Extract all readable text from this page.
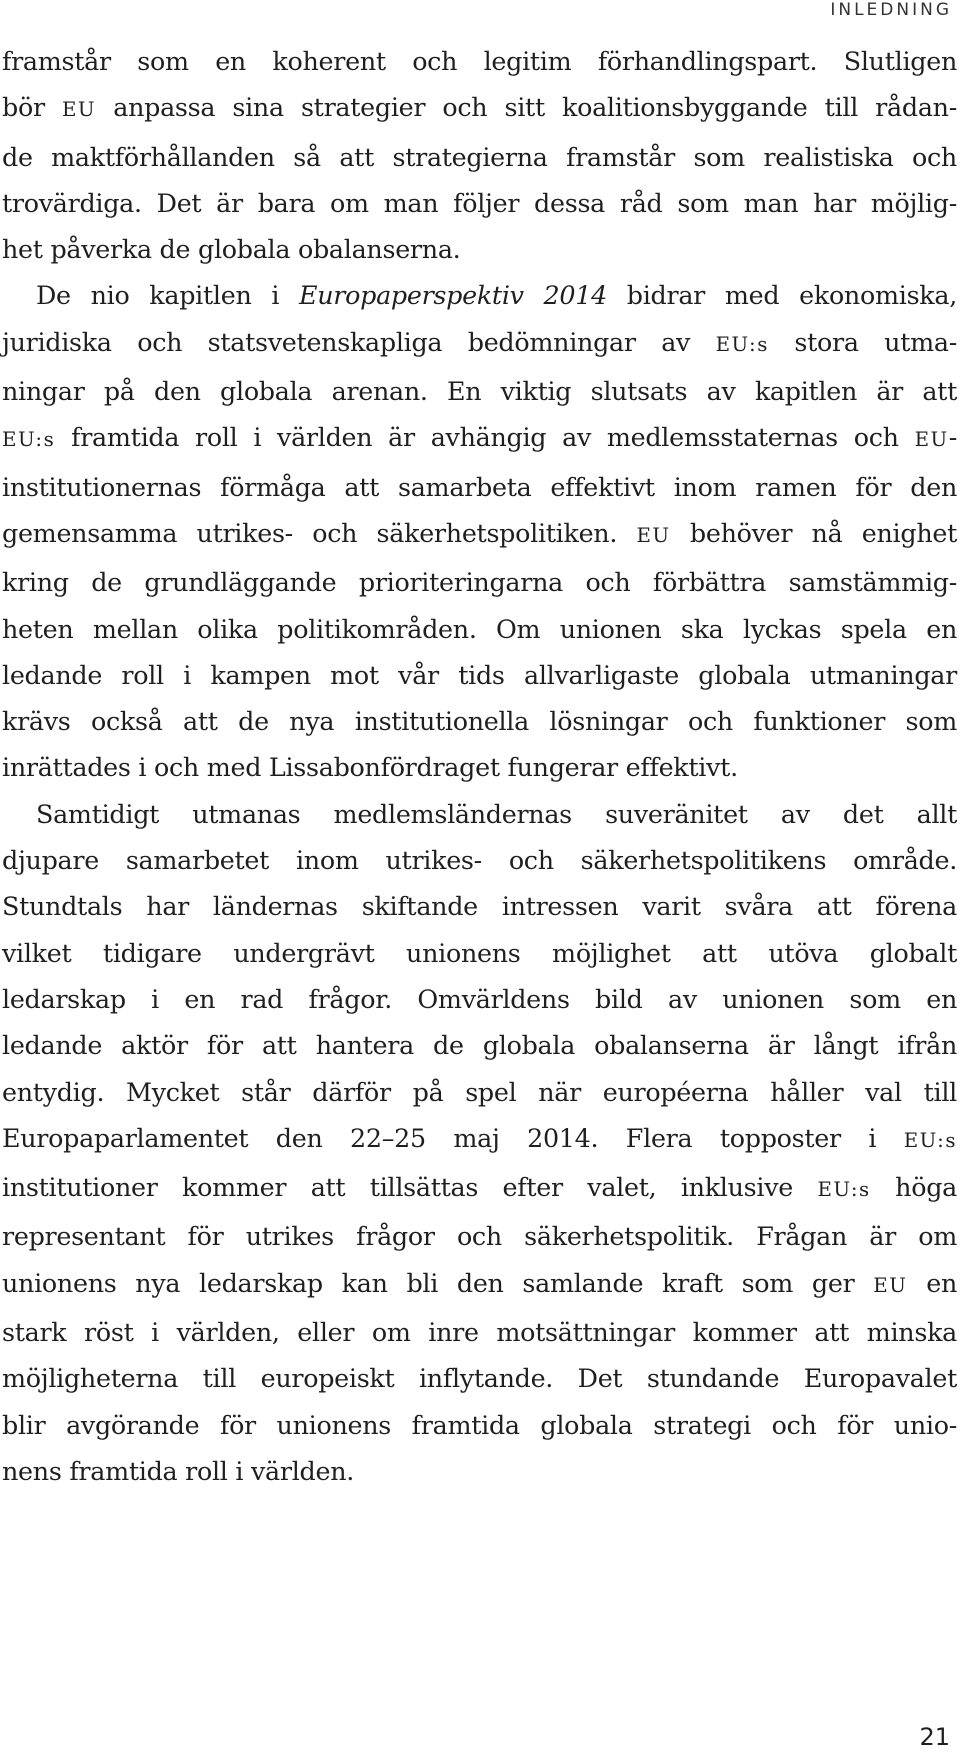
INLEDNING
framstår som en koherent och legitim förhandlingspart. Slutligen
bör EU anpassa sina strategier och sitt koalitionsbyggande till rådan-
de maktförhållanden så att strategierna framstår som realistiska och
trovärdiga. Det är bara om man följer dessa råd som man har möjlig-
het påverka de globala obalanserna.
De nio kapitlen i Europaperspektiv 2014 bidrar med ekonomiska,
juridiska och statsvetenskapliga bedömningar av EU:s stora utma-
ningar på den globala arenan. En viktig slutsats av kapitlen är att
EU:s framtida roll i världen är avhängig av medlemsstaternas och EU-
institutionernas förmåga att samarbeta effektivt inom ramen för den
gemensamma utrikes- och säkerhetspolitiken. EU behöver nå enighet
kring de grundläggande prioriteringarna och förbättra samstämmig-
heten mellan olika politikområden. Om unionen ska lyckas spela en
ledande roll i kampen mot vår tids allvarligaste globala utmaningar
krävs också att de nya institutionella lösningar och funktioner som
inrättades i och med Lissabonfördraget fungerar effektivt.
Samtidigt utmanas medlemsländernas suveränitet av det allt
djupare samarbetet inom utrikes- och säkerhetspolitikens område.
Stundtals har ländernas skiftande intressen varit svåra att förena
vilket tidigare undergrävt unionens möjlighet att utöva globalt
ledarskap i en rad frågor. Omvärldens bild av unionen som en
ledande aktör för att hantera de globala obalanserna är långt ifrån
entydig. Mycket står därför på spel när européerna håller val till
Europaparlamentet den 22–25 maj 2014. Flera topposter i EU:s
institutioner kommer att tillsättas efter valet, inklusive EU:s höga
representant för utrikes frågor och säkerhetspolitik. Frågan är om
unionens nya ledarskap kan bli den samlande kraft som ger EU en
stark röst i världen, eller om inre motsättningar kommer att minska
möjligheterna till europeiskt inflytande. Det stundande Europavalet
blir avgörande för unionens framtida globala strategi och för unio-
nens framtida roll i världen.
21
